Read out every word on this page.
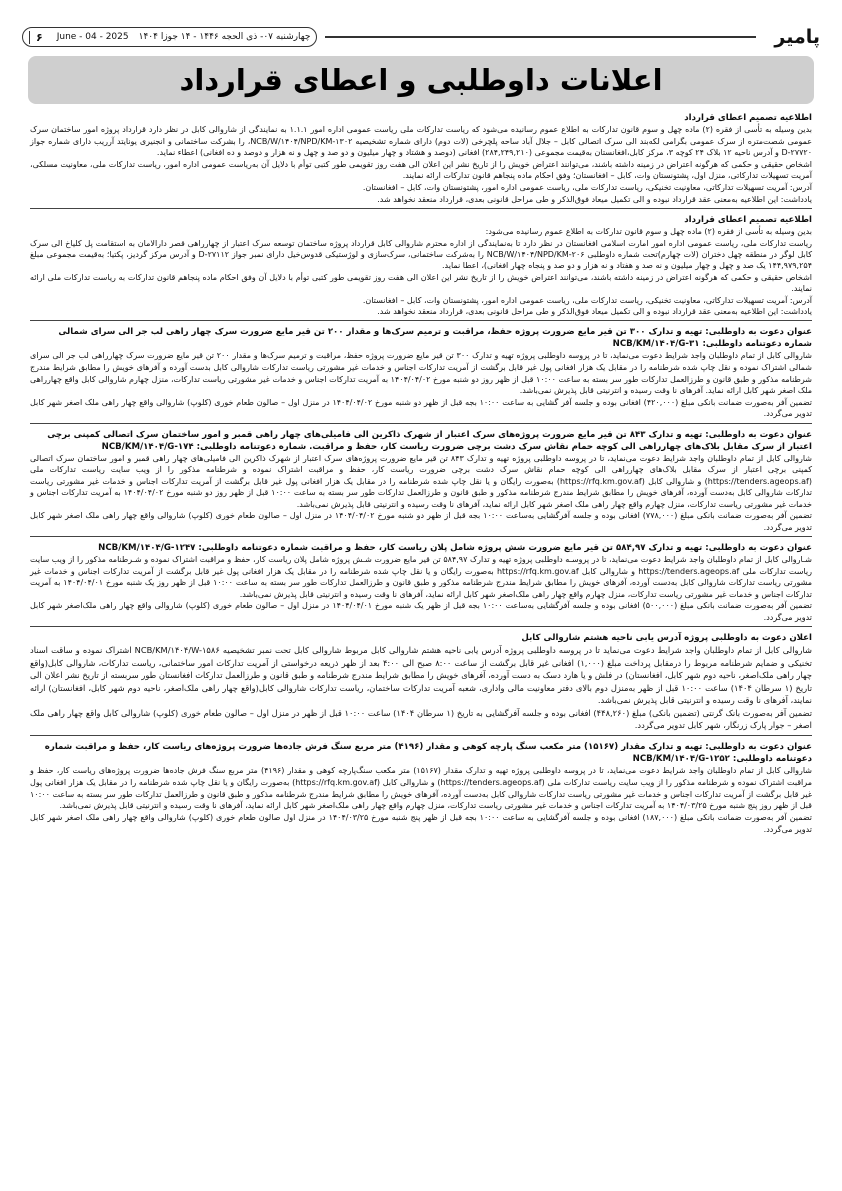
پامیر
چهارشنبه ۰۷- ذی الحجه ۱۴۴۶ - ۱۴ جوزا ۱۴۰۴
June - 04 - 2025
۶
اعلانات داوطلبی و اعطای قرارداد

اطلاعیه تصمیم اعطای قرارداد

بدین وسیله به تأسی از فقره (۲) ماده چهل و سوم قانون تدارکات به اطلاع عموم رسانیده می‌شود که ریاست تدارکات ملی ریاست عمومی اداره امور ۱.۱.۱ به نمایندگی از شاروالی کابل در نظر دارد قرارداد پروژه امور ساختمان سرک عمومی شصت‌متره از سرک عمومی بگرامی لکه‌بند الی سرک اتصالی کابل – جلال آباد ساحه پلچرخی (لات دوم) دارای شماره تشخیصیه NCB/W/۱۴۰۴/NPD/KM-۱۳۰۲، را بشرکت ساختمانی و انجنیری یونایتد آرریب دارای شماره جواز D-۲۷۷۲۰ و آدرس ناحیه ۱۲ بلاک ۲۴ کوچه ۳، مرکز کابل،افغانستان به‌قیمت مجموعی (۲۸۴,۲۴۹,۲۱۰) افغانی (دوصد و هشتاد و چهار میلیون و دو صد و چهل و نه هزار و دوصد و ده افغانی) اعطاء نماید.

اشخاص حقیقی و حکمی که هرگونه اعتراض در زمینه داشته باشند، می‌توانند اعتراض خویش را از تاریخ نشر این اعلان الی هفت روز تقویمی طور کتبی توأم با دلایل آن به‌ریاست عمومی اداره امور، ریاست تدارکات ملی، معاونیت مسلکی، آمریت تسهیلات تدارکاتی، منزل اول، پشتونستان وات، کابل – افغانستان؛ وفق احکام ماده پنجاهم قانون تدارکات ارائه نمایند.

آدرس: آمریت تسهیلات تدارکاتی، معاونیت تخنیکی، ریاست تدارکات ملی، ریاست عمومی اداره امور، پشتونستان وات، کابل – افغانستان.

یادداشت: این اطلاعیه به‌معنی عقد قرارداد نبوده و الی تکمیل میعاد فوق‌الذکر و طی مراحل قانونی بعدی، قرارداد منعقد نخواهد شد.

اطلاعیه تصمیم اعطای قرارداد

بدین وسیله به تأسی از فقره (۲) ماده چهل و سوم قانون تدارکات به اطلاع عموم رسانیده می‌شود:

ریاست تدارکات ملی، ریاست عمومی اداره امور امارت اسلامی افغانستان در نظر دارد تا به‌نمایندگی از اداره محترم شاروالی کابل قرارداد پروژه ساختمان توسعه سرک اعتبار از چهارراهی قصر دارالامان به استقامت پل کلیاخ الی سرک کابل لوگر در منطقه چهل دختران (لات چهارم)تحت شماره داوطلبی NCB/W/۱۴۰۴/NPD/KM-۲۰۶ را به‌شرکت ساختمانی، سرک‌سازی و لوژستیکی قدوس‌خیل دارای نمبر جواز D-۲۷۱۱۲ و آدرس مرکز گردیز، پکتیا؛ به‌قیمت مجموعی مبلغ ۱۴۴,۹۷۹,۲۵۴ یک صد و چهل و چهار میلیون و نه صد و هفتاد و نه هزار و دو صد و پنجاه چهار افغانی)، اعطا نماید.

اشخاص حقیقی و حکمی که هرگونه اعتراض در زمینه داشته باشند، می‌توانند اعتراض خویش را از تاریخ نشر این اعلان الی هفت روز تقویمی طور کتبی توأم با دلایل آن وفق احکام ماده پنجاهم قانون تدارکات به ریاست تدارکات ملی ارائه نمایند.

آدرس: آمریت تسهیلات تدارکاتی، معاونیت تخنیکی، ریاست تدارکات ملی، ریاست عمومی اداره امور، پشتونستان وات، کابل – افغانستان.

یادداشت: این اطلاعیه به‌معنی عقد قرارداد نبوده و الی تکمیل میعاد فوق‌الذکر و طی مراحل قانونی بعدی، قرارداد منعقد نخواهد شد.

عنوان دعوت به داوطلبی: تهیه و تدارک ۳۰۰ تن قیر مایع ضرورت پروژه حفظ، مراقبت و ترمیم سرک‌ها و مقدار ۲۰۰ تن قیر مایع ضرورت سرک چهار راهی لب جر الی سرای شمالی شماره دعوتنامه داوطلبی: NCB/KM/۱۴۰۴/G-۳۱

شاروالی کابل از تمام داوطلبان واجد شرایط دعوت می‌نماید، تا در پروسه داوطلبی پروژه تهیه و تدارک ۳۰۰ تن قیر مایع ضرورت پروژه حفظ، مراقبت و ترمیم سرک‌ها و مقدار ۲۰۰ تن قیر مایع ضرورت سرک چهارراهی لب جر الی سرای شمالی اشتراک نموده و نقل چاپ شده شرطنامه را در مقابل یک هزار افغانی پول غیر قابل برگشت از آمریت تدارکات اجناس و خدمات غیر مشورتی ریاست تدارکات شاروالی کابل بدست آورده و آفرهای خویش را مطابق شرایط مندرج شرطنامه مذکور و طبق قانون و طرزالعمل تدارکات طور سر بسته به ساعت ۱۰:۰۰ قبل از ظهر روز دو شنبه مورخ ۱۴۰۴/۰۴/۰۲ به آمریت تدارکات اجناس و خدمات غیر مشورتی ریاست تدارکات، منزل چهارم شاروالی کابل واقع چهارراهی ملک اصغر شهر کابل ارائه نماید. آفرهای نا وقت رسیده و انترنیتی قابل پذیرش نمی‌باشد.

تضمین آفر به‌صورت ضمانت بانکی مبلغ (۴۲۰,۰۰۰) افغانی بوده و جلسه آفر گشایی به ساعت ۱۰:۰۰ بجه قبل از ظهر دو شنبه مورخ ۱۴۰۴/۰۴/۰۲ در منزل اول – صالون طعام خوری (کلوپ) شاروالی واقع چهار راهی ملک اصغر شهر کابل تدویر می‌گردد.

عنوان دعوت به داوطلبی: تهیه و تدارک ۸۴۳ تن قیر مایع ضرورت پروژه‌های سرک اعتبار از شهرک ذاکرین الی فامیلی‌های چهار راهی قمبر و امور ساختمان سرک اتصالی کمپنی برچی اعتبار از سرک مقابل بلاک‌های چهارراهی الی کوچه حمام نقاش سرک دشت برچی ضرورت ریاست کار، حفظ و مراقبت. شماره دعوتنامه داوطلبی: NCB/KM/۱۴۰۴/G-۱۷۴

شاروالی کابل از تمام داوطلبان واجد شرایط دعوت می‌نماید، تا در پروسه داوطلبی پروژه تهیه و تدارک ۸۴۳ تن قیر مایع ضرورت پروژه‌های سرک اعتبار از شهرک ذاکرین الی فامیلی‌های چهار راهی قمبر و امور ساختمان سرک اتصالی کمپنی برچی اعتبار از سرک مقابل بلاک‌های چهارراهی الی کوچه حمام نقاش سرک دشت برچی ضرورت ریاست کار، حفظ و مراقبت اشتراک نموده و شرطنامه مذکور را از ویب سایت ریاست تدارکات ملی (https://tenders.ageops.af) و شاروالی کابل (https://rfq.km.gov.af) به‌صورت رایگان و یا نقل چاپ شده شرطنامه را در مقابل یک هزار افغانی پول غیر قابل برگشت از آمریت تدارکات اجناس و خدمات غیر مشورتی ریاست تدارکات شاروالی کابل به‌دست آورده، آفرهای خویش را مطابق شرایط مندرج شرطنامه مذکور و طبق قانون و طرزالعمل تدارکات طور سر بسته به ساعت ۱۰:۰۰ قبل از ظهر روز دو شنبه مورخ ۱۴۰۴/۰۴/۰۲ به آمریت تدارکات اجناس و خدمات غیر مشورتی ریاست تدارکات، منزل چهارم واقع چهار راهی ملک اصغر شهر کابل ارائه نماید، آفرهای نا وقت رسیده و انترنیتی قابل پذیرش نمی‌باشد.

تضمین آفر به‌صورت ضمانت بانکی مبلغ (۷۷۸,۰۰۰) افغانی بوده و جلسه آفرگشایی به‌ساعت ۱۰:۰۰ بجه قبل از ظهر دو شنبه مورخ ۱۴۰۴/۰۴/۰۲ در منزل اول – صالون طعام خوری (کلوپ) شاروالی واقع چهار راهی ملک اصغر شهر کابل تدویر می‌گردد.

عنوان دعوت به داوطلبی: تهیه و تدارک ۵۸۴,۹۷ تن قیر مایع ضرورت شش پروژه شامل پلان ریاست کار، حفظ و مراقبت شماره دعوتنامه داوطلبی: NCB/KM/۱۴۰۴/G-۱۲۴۷

شـاروالی کابل از تمام داوطلبان واجد شرایط دعوت می‌نماید، تا در پروسـه داوطلبی پروژه تهیه و تدارک ۵۸۴,۹۷ تن قیر مایع ضرورت شـش پروژه شامل پلان ریاست کار، حفظ و مراقبت اشتراک نموده و شـرطنامه مذکور را از ویب سایت ریاست تدارکات ملی https://tenders.ageops.af و شاروالی کابل https://rfq.km.gov.af به‌صورت رایگان و یا نقل چاپ شده شرطنامه را در مقابل یک هزار افغانی پول غیر قابل برگشت از آمریت تدارکات اجناس و خدمات غیر مشورتی ریاست تدارکات شاروالی کابل به‌دست آورده، آفرهای خویش را مطابق شرایط مندرج شرطنامه مذکور و طبق قانون و طرزالعمل تدارکات طور سر بسته به ساعت ۱۰:۰۰ قبل از ظهر روز یک شنبه مورخ ۱۴۰۴/۰۴/۰۱ به آمریت تدارکات اجناس و خدمات غیر مشورتی ریاست تدارکات، منزل چهارم واقع چهار راهی ملک‌اصغر شهر کابل ارائه نماید، آفرهای نا وقت رسیده و انترنیتی قابل پذیرش نمی‌باشد.

تضمین آفر به‌صورت ضمانت بانکی مبلغ (۵۰۰,۰۰۰) افغانی بوده و جلسه آفرگشایی به‌ساعت ۱۰:۰۰ بجه قبل از ظهر یک شنبه مورخ ۱۴۰۴/۰۴/۰۱ در منزل اول – صالون طعام خوری (کلوپ) شاروالی واقع چهار راهی ملک‌اصغر شهر کابل تدویر می‌گردد.

اعلان دعوت به داوطلبی پروژه آدرس یابی ناحیه هشتم شاروالی کابل

شاروالی کابل از تمام داوطلبان واجد شرایط دعوت می‌نماید تا در پروسه داوطلبی پروژه آدرس یابی ناحیه هشتم شاروالی کابل مربوط شاروالی کابل تحت نمبر تشخیصیه NCB/KM/۱۴۰۴/W-۱۵۸۶ اشتراک نموده و ساقت اسناد تخنیکی و ضمایم شرطنامه مربوط را درمقابل پرداخت مبلغ (۱,۰۰۰) افغانی غیر قابل برگشت از ساعت ۸:۰۰ صبح الی ۴:۰۰ بعد از ظهر ذریعه درخواستی از آمریت تدارکات امور ساختمانی، ریاست تدارکات، شاروالی کابل(واقع چهار راهی ملک‌اصغر، ناحیه دوم شهر کابل، افغانستان) در فلش و یا هارد دسک به دست آورده، آفرهای خویش را مطابق شرایط مندرج شرطنامه و طبق قانون و طرزالعمل تدارکات افغانستان طور سربسته از تاریخ نشر اعلان الی تاریخ (۱ سرطان ۱۴۰۴) ساعت ۱۰:۰۰ قبل از ظهر به‌منزل دوم بالای دفتر معاونیت مالی واداری، شعبه آمریت تدارکات ساختمان، ریاست تدارکات شاروالی کابل(واقع چهار راهی ملک‌اصغر، ناحیه دوم شهر کابل، افغانستان) ارائه نمایند، آفرهای نا وقت رسیده و انترنیتی قابل پذیرش نمی‌باشد.

تضمین آفر به‌صورت بانک گرنتی (تضمین بانکی) مبلغ (۴۴۸,۲۶۰) افغانی بوده و جلسه آفرگشایی به تاریخ (۱ سرطان ۱۴۰۴) ساعت ۱۰:۰۰ قبل از ظهر در منزل اول – صالون طعام خوری (کلوپ) شاروالی کابل واقع چهار راهی ملک اصغر – جوار پارک زرنگار، شهر کابل تدویر می‌گردد.

عنوان دعوت به داوطلبی: تهیه و تدارک مقدار (۱۵۱۶۷) متر مکعب سنگ پارچه کوهی و مقدار (۴۱۹۶) متر مربع سنگ فرش جاده‌ها ضرورت پروژه‌های ریاست کار، حفظ و مراقبت شماره دعوتنامه داوطلبی: NCB/KM/۱۴۰۴/G-۱۲۵۲

شاروالی کابل از تمام داوطلبان واجد شرایط دعوت می‌نماید، تا در پروسه داوطلبی پروژه تهیه و تدارک مقدار (۱۵۱۶۷) متر مکعب سنگ‌پارچه کوهی و مقدار (۴۱۹۶) متر مربع سنگ فرش جاده‌ها ضرورت پروژه‌های ریاست کار، حفظ و مراقبت اشتراک نموده و شرطنامه مذکور را از ویب سایت ریاست تدارکات ملی (https://tenders.ageops.af) و شاروالی کابل (https://rfq.km.gov.af) به‌صورت رایگان و یا نقل چاپ شده شرطنامه را در مقابل یک هزار افغانی پول غیر قابل برگشت از آمریت تدارکات اجناس و خدمات غیر مشورتی ریاست تدارکات شاروالی کابل به‌دست آورده، آفرهای خویش را مطابق شرایط مندرج شرطنامه مذکور و طبق قانون و طرزالعمل تدارکات طور سر بسته به ساعت ۱۰:۰۰ قبل از ظهر روز پنج شنبه مورخ ۱۴۰۴/۰۳/۲۵ به آمریت تدارکات اجناس و خدمات غیر مشورتی ریاست تدارکات، منزل چهارم واقع چهار راهی ملک‌اصغر شهر کابل ارائه نماید، آفرهای نا وقت رسیده و انترنیتی قابل پذیرش نمی‌باشد.

تضمین آفر به‌صورت ضمانت بانکی مبلغ (۱۸۷,۰۰۰) افغانی بوده و جلسه آفرگشایی به ساعت ۱۰:۰۰ بجه قبل از ظهر پنج شنبه مورخ ۱۴۰۴/۰۳/۲۵ در منزل اول صالون طعام خوری (کلوپ) شاروالی واقع چهار راهی ملک اصغر شهر کابل تدویر می‌گردد.
